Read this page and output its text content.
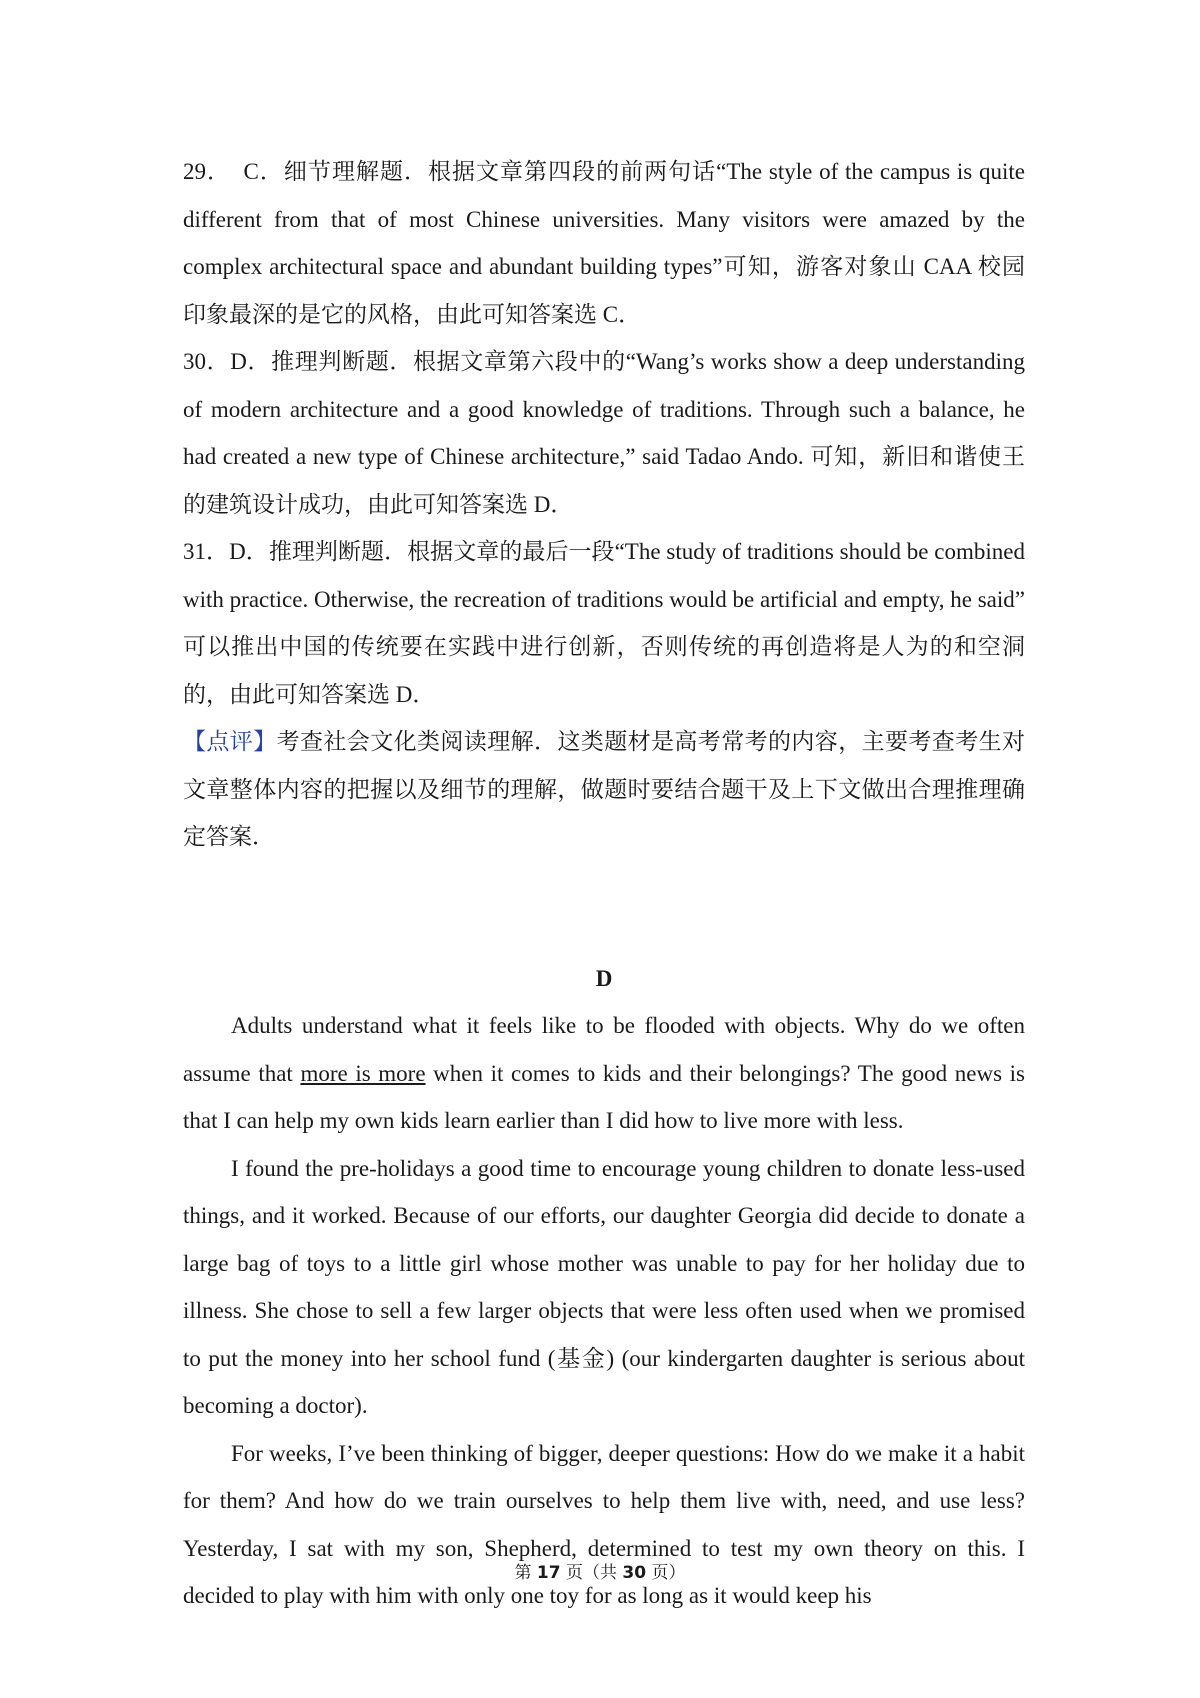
29．　C．细节理解题．根据文章第四段的前两句话“The style of the campus is quite different from that of most Chinese universities. Many visitors were amazed by the complex architectural space and abundant building types”可知，游客对象山 CAA 校园印象最深的是它的风格，由此可知答案选 C．

30．D．推理判断题．根据文章第六段中的“Wang’s works show a deep understanding of modern architecture and a good knowledge of traditions. Through such a balance, he had created a new type of Chinese architecture,” said Tadao Ando. 可知，新旧和谐使王的建筑设计成功，由此可知答案选 D．

31．D．推理判断题．根据文章的最后一段“The study of traditions should be combined with practice. Otherwise, the recreation of traditions would be artificial and empty, he said” 可以推出中国的传统要在实践中进行创新，否则传统的再创造将是人为的和空洞的，由此可知答案选 D．

【点评】考查社会文化类阅读理解．这类题材是高考常考的内容，主要考查考生对文章整体内容的把握以及细节的理解，做题时要结合题干及上下文做出合理推理确定答案．

D

Adults understand what it feels like to be flooded with objects. Why do we often assume that more is more when it comes to kids and their belongings? The good news is that I can help my own kids learn earlier than I did how to live more with less.

I found the pre-holidays a good time to encourage young children to donate less-used things, and it worked. Because of our efforts, our daughter Georgia did decide to donate a large bag of toys to a little girl whose mother was unable to pay for her holiday due to illness. She chose to sell a few larger objects that were less often used when we promised to put the money into her school fund (基金) (our kindergarten daughter is serious about becoming a doctor).

For weeks, I’ve been thinking of bigger, deeper questions: How do we make it a habit for them? And how do we train ourselves to help them live with, need, and use less? Yesterday, I sat with my son, Shepherd, determined to test my own theory on this. I decided to play with him with only one toy for as long as it would keep his

第 17 页（共 30 页）
